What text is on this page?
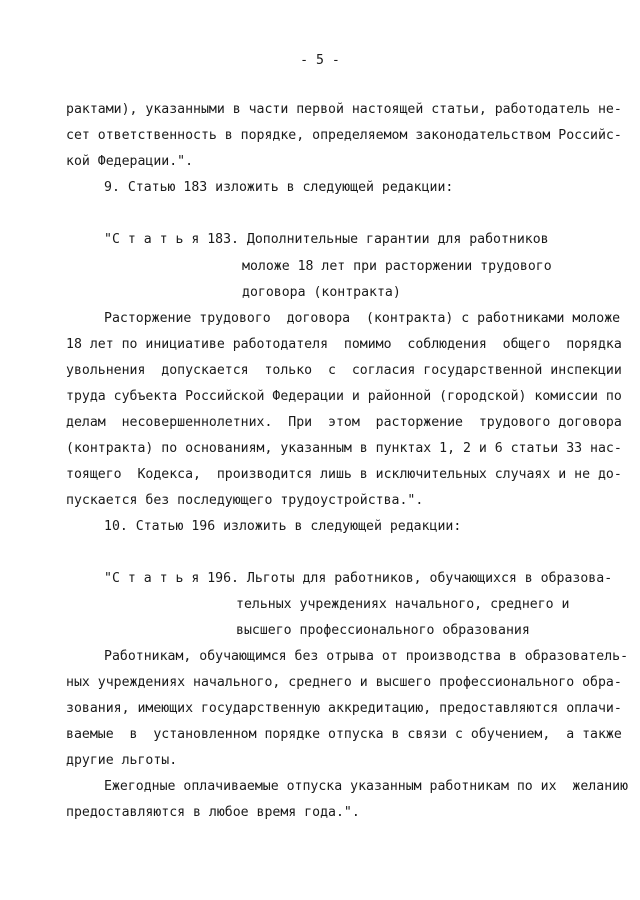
- 5 -
рактами), указанными в части первой настоящей статьи, работодатель не-
сет ответственность в порядке, определяемом законодательством Российс-
кой Федерации.".
9. Статью 183 изложить в следующей редакции:
"С т а т ь я 183. Дополнительные гарантии для работников
моложе 18 лет при расторжении трудового
договора (контракта)
Расторжение трудового  договора  (контракта) с работниками моложе
18 лет по инициативе работодателя  помимо  соблюдения  общего  порядка
увольнения  допускается  только  с  согласия государственной инспекции
труда субъекта Российской Федерации и районной (городской) комиссии по
делам  несовершеннолетних.  При  этом  расторжение  трудового договора
(контракта) по основаниям, указанным в пунктах 1, 2 и 6 статьи 33 нас-
тоящего  Кодекса,  производится лишь в исключительных случаях и не до-
пускается без последующего трудоустройства.".
10. Статью 196 изложить в следующей редакции:
"С т а т ь я 196. Льготы для работников, обучающихся в образова-
тельных учреждениях начального, среднего и
высшего профессионального образования
Работникам, обучающимся без отрыва от производства в образователь-
ных учреждениях начального, среднего и высшего профессионального обра-
зования, имеющих государственную аккредитацию, предоставляются оплачи-
ваемые  в  установленном порядке отпуска в связи с обучением,  а также
другие льготы.
Ежегодные оплачиваемые отпуска указанным работникам по их  желанию
предоставляются в любое время года.".
